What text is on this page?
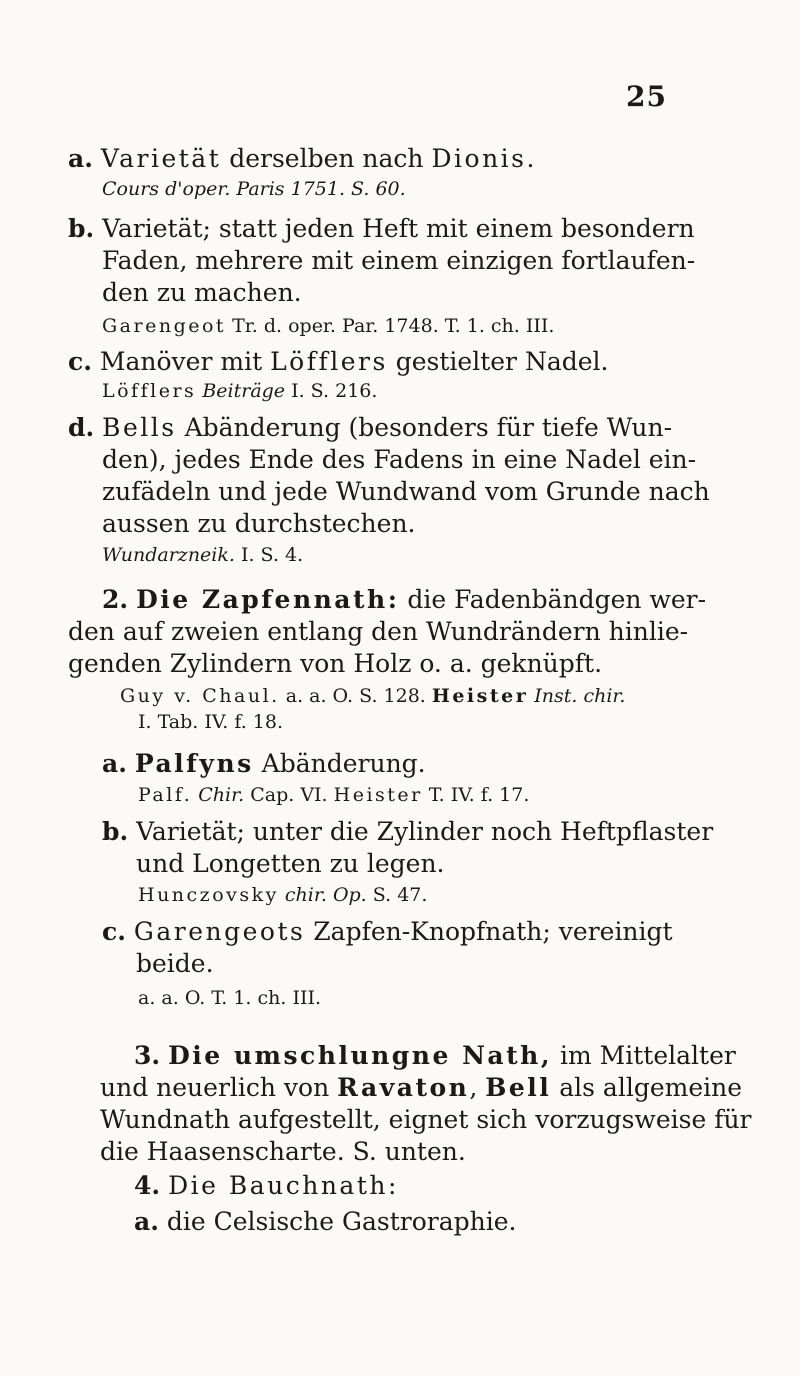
25
a. Varietät derselben nach Dionis.
Cours d'oper. Paris 1751. S. 60.
b. Varietät; statt jeden Heft mit einem besondern
Faden, mehrere mit einem einzigen fortlaufen-
den zu machen.
Garengeot Tr. d. oper. Par. 1748. T. 1. ch. III.
c. Manöver mit Löfflers gestielter Nadel.
Löfflers Beiträge I. S. 216.
d. Bells Abänderung (besonders für tiefe Wun-
den), jedes Ende des Fadens in eine Nadel ein-
zufädeln und jede Wundwand vom Grunde nach
aussen zu durchstechen.
Wundarzneik. I. S. 4.
2. Die Zapfennath: die Fadenbändgen wer-
den auf zweien entlang den Wundrändern hinlie-
genden Zylindern von Holz o. a. geknüpft.
Guy v. Chaul. a. a. O. S. 128. Heister Inst. chir.
I. Tab. IV. f. 18.
a. Palfyns Abänderung.
Palf. Chir. Cap. VI. Heister T. IV. f. 17.
b. Varietät; unter die Zylinder noch Heftpflaster
und Longetten zu legen.
Hunczovsky chir. Op. S. 47.
c. Garengeots Zapfen-Knopfnath; vereinigt
beide.
a. a. O. T. 1. ch. III.
3. Die umschlungne Nath, im Mittelalter
und neuerlich von Ravaton, Bell als allgemeine
Wundnath aufgestellt, eignet sich vorzugsweise für
die Haasenscharte. S. unten.
4. Die Bauchnath:
a. die Celsische Gastroraphie.
